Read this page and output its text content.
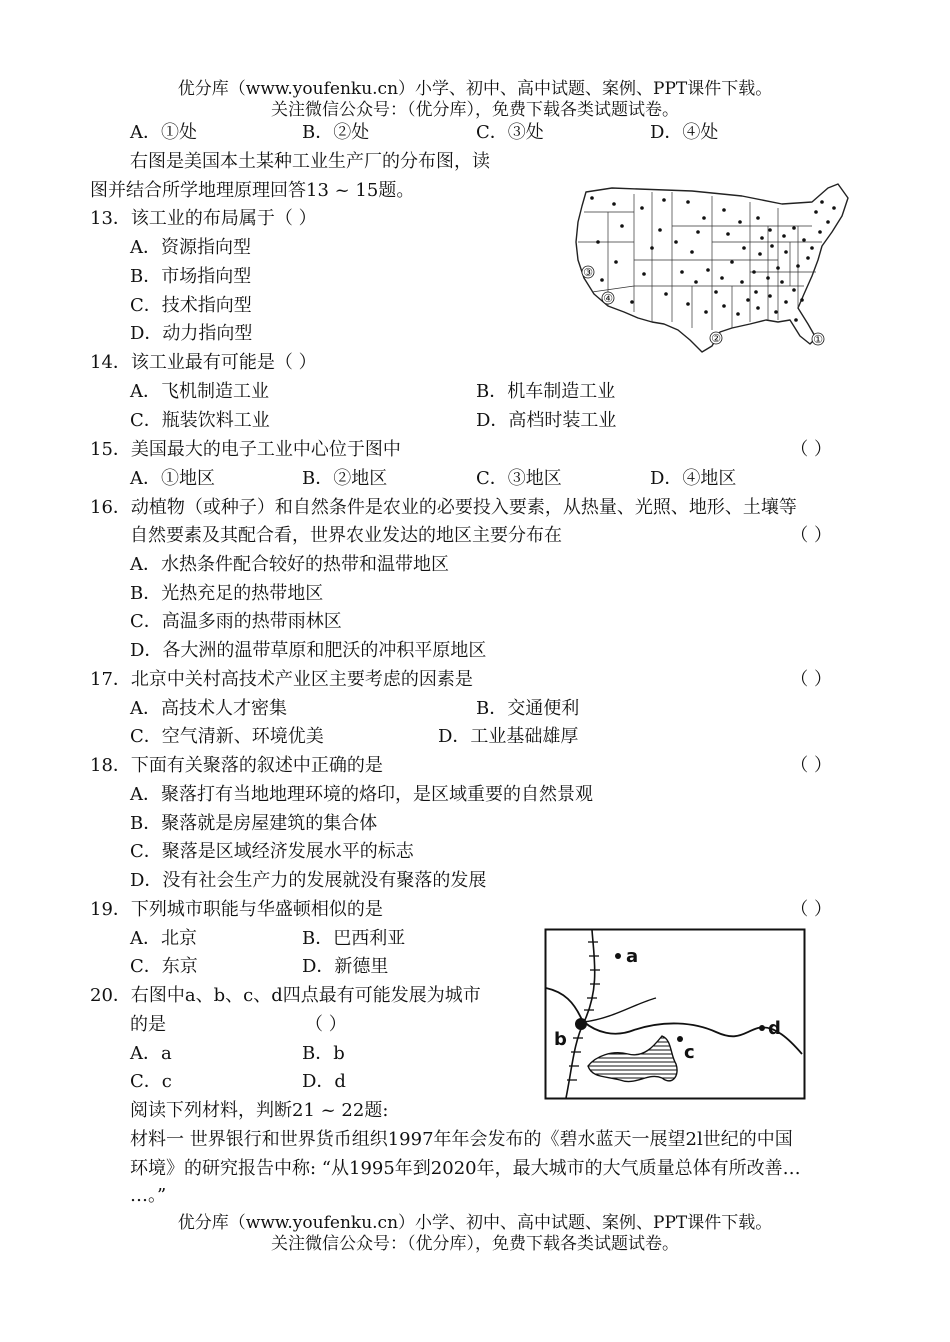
优分库（www.youfenku.cn）小学、初中、高中试题、案例、PPT课件下载。
关注微信公众号：（优分库），免费下载各类试题试卷。
A．①处	B．②处	C．③处	D．④处
右图是美国本土某种工业生产厂的分布图，读
图并结合所学地理原理回答13 ~ 15题。
13．该工业的布局属于（ ）
A．资源指向型
B．市场指向型
C．技术指向型
D．动力指向型
14．该工业最有可能是（ ）
A．飞机制造工业	B．机车制造工业
C．瓶装饮料工业	D．高档时装工业
15．美国最大的电子工业中心位于图中	（ ）
A．①地区	B．②地区	C．③地区	D．④地区
16．动植物（或种子）和自然条件是农业的必要投入要素，从热量、光照、地形、土壤等
自然要素及其配合看，世界农业发达的地区主要分布在	（ ）
A．水热条件配合较好的热带和温带地区
B．光热充足的热带地区
C．高温多雨的热带雨林区
D．各大洲的温带草原和肥沃的冲积平原地区
17．北京中关村高技术产业区主要考虑的因素是	（ ）
A．高技术人才密集	B．交通便利
C．空气清新、环境优美	D．工业基础雄厚
18．下面有关聚落的叙述中正确的是	（ ）
A．聚落打有当地地理环境的烙印，是区域重要的自然景观
B．聚落就是房屋建筑的集合体
C．聚落是区域经济发展水平的标志
D．没有社会生产力的发展就没有聚落的发展
19．下列城市职能与华盛顿相似的是	（ ）
A．北京	B．巴西利亚
C．东京	D．新德里
20．右图中a、b、c、d四点最有可能发展为城市
的是	（ ）
A．a	B．b
C．c	D．d
阅读下列材料，判断21 ~ 22题:
材料一 世界银行和世界货币组织1997年年会发布的《碧水蓝天一展望2l世纪的中国
环境》的研究报告中称: “从1995年到2020年，最大城市的大气质量总体有所改善…
…。”
优分库（www.youfenku.cn）小学、初中、高中试题、案例、PPT课件下载。
关注微信公众号：（优分库），免费下载各类试题试卷。
①
②
③
④
a
b
c
d
